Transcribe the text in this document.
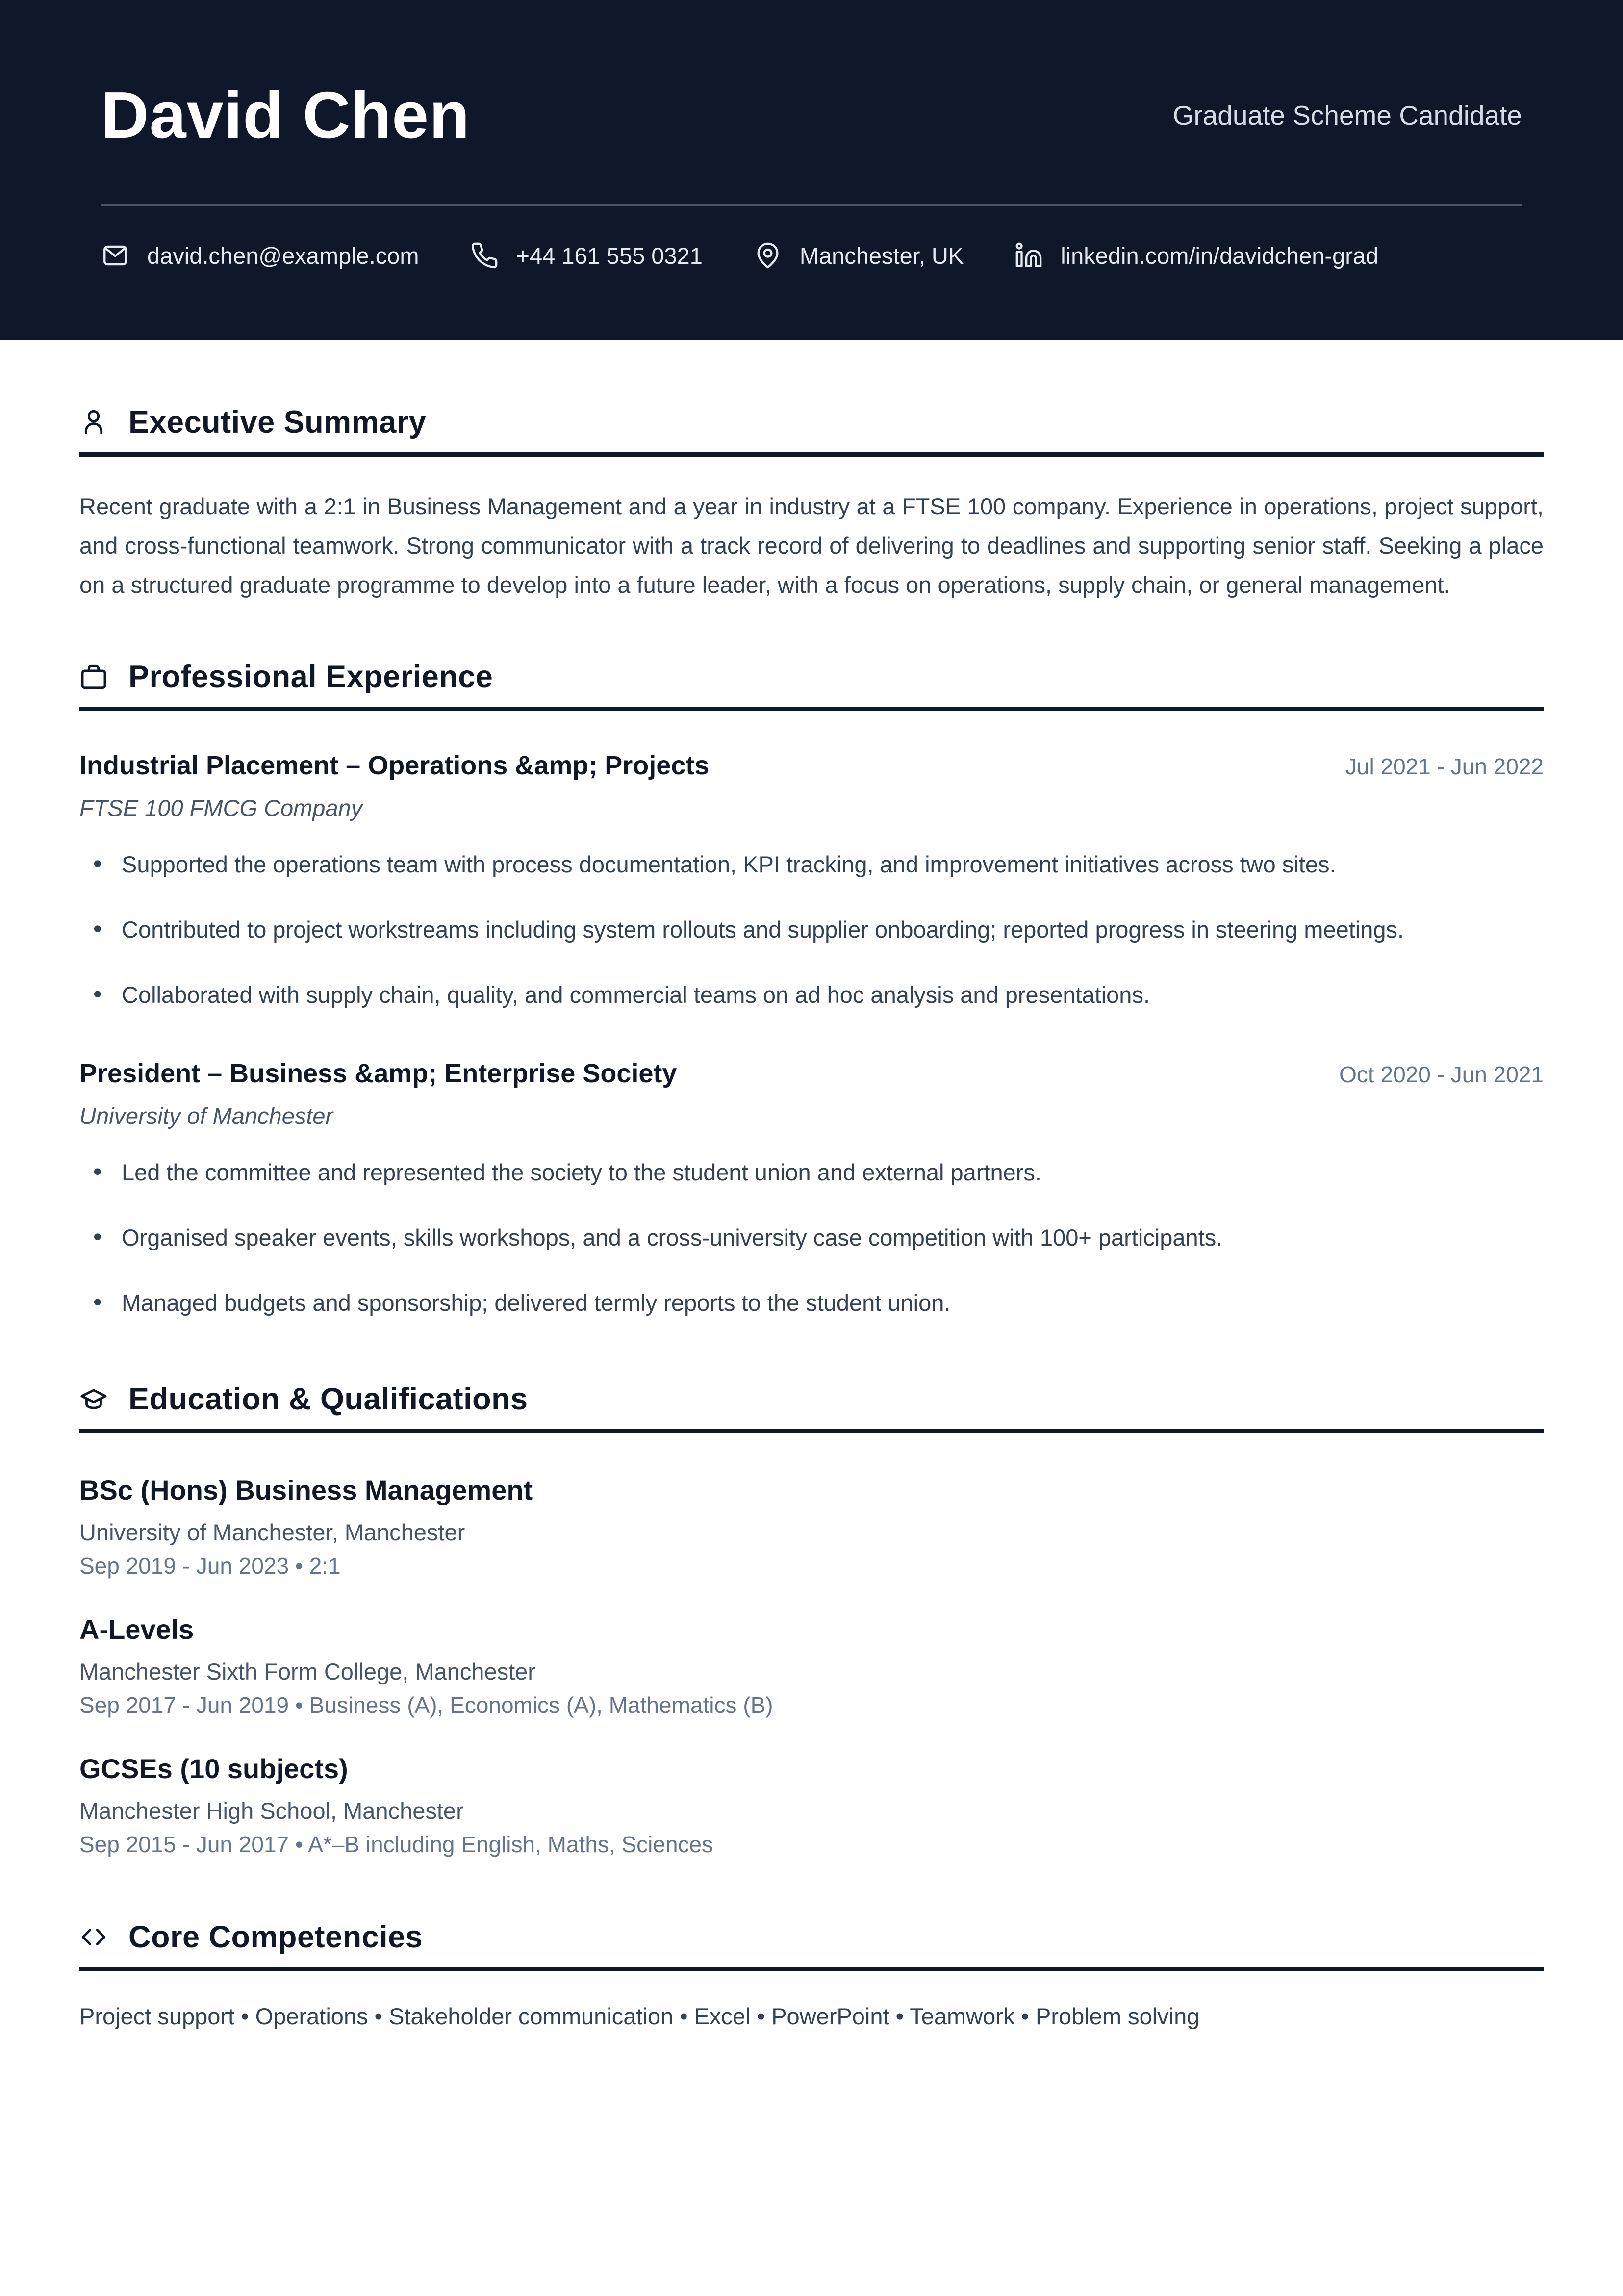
David Chen	Graduate Scheme Candidate
david.chen@example.com	+44 161 555 0321	Manchester, UK	linkedin.com/in/davidchen-grad
Executive Summary

Recent graduate with a 2:1 in Business Management and a year in industry at a FTSE 100 company. Experience in operations, project support, and cross-functional teamwork. Strong communicator with a track record of delivering to deadlines and supporting senior staff. Seeking a place on a structured graduate programme to develop into a future leader, with a focus on operations, supply chain, or general management.

Professional Experience
Industrial Placement – Operations &amp; Projects	Jul 2021 - Jun 2022
FTSE 100 FMCG Company
• Supported the operations team with process documentation, KPI tracking, and improvement initiatives across two sites.
• Contributed to project workstreams including system rollouts and supplier onboarding; reported progress in steering meetings.
• Collaborated with supply chain, quality, and commercial teams on ad hoc analysis and presentations.
President – Business &amp; Enterprise Society	Oct 2020 - Jun 2021
University of Manchester
• Led the committee and represented the society to the student union and external partners.
• Organised speaker events, skills workshops, and a cross-university case competition with 100+ participants.
• Managed budgets and sponsorship; delivered termly reports to the student union.
Education & Qualifications
BSc (Hons) Business Management
University of Manchester, Manchester
Sep 2019 - Jun 2023 • 2:1
A-Levels
Manchester Sixth Form College, Manchester
Sep 2017 - Jun 2019 • Business (A), Economics (A), Mathematics (B)
GCSEs (10 subjects)
Manchester High School, Manchester
Sep 2015 - Jun 2017 • A*–B including English, Maths, Sciences
Core Competencies

Project support • Operations • Stakeholder communication • Excel • PowerPoint • Teamwork • Problem solving
